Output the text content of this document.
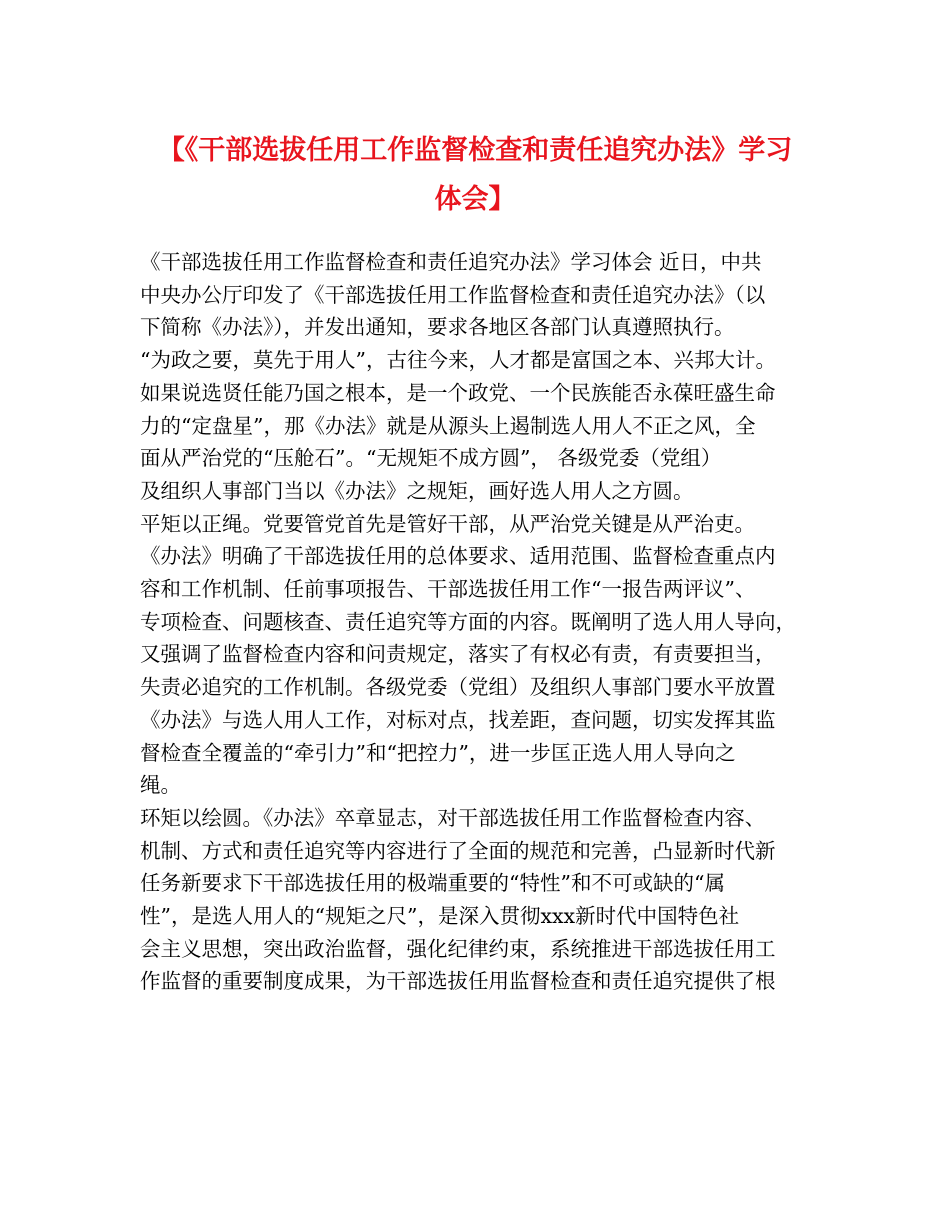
【《干部选拔任用工作监督检查和责任追究办法》学习
体会】
《干部选拔任用工作监督检查和责任追究办法》学习体会 近日，中共
中央办公厅印发了《干部选拔任用工作监督检查和责任追究办法》（以
下简称《办法》），并发出通知，要求各地区各部门认真遵照执行。
“为政之要，莫先于用人”，古往今来，人才都是富国之本、兴邦大计。
如果说选贤任能乃国之根本，是一个政党、一个民族能否永葆旺盛生命
力的“定盘星”，那《办法》就是从源头上遏制选人用人不正之风，全
面从严治党的“压舱石”。“无规矩不成方圆”， 各级党委（党组）
及组织人事部门当以《办法》之规矩，画好选人用人之方圆。
平矩以正绳。党要管党首先是管好干部，从严治党关键是从严治吏。
《办法》明确了干部选拔任用的总体要求、适用范围、监督检查重点内
容和工作机制、任前事项报告、干部选拔任用工作“一报告两评议”、
专项检查、问题核查、责任追究等方面的内容。既阐明了选人用人导向，
又强调了监督检查内容和问责规定，落实了有权必有责，有责要担当，
失责必追究的工作机制。各级党委（党组）及组织人事部门要水平放置
《办法》与选人用人工作，对标对点，找差距，查问题，切实发挥其监
督检查全覆盖的“牵引力”和“把控力”，进一步匡正选人用人导向之
绳。
环矩以绘圆。《办法》卒章显志，对干部选拔任用工作监督检查内容、
机制、方式和责任追究等内容进行了全面的规范和完善，凸显新时代新
任务新要求下干部选拔任用的极端重要的“特性”和不可或缺的“属
性”，是选人用人的“规矩之尺”，是深入贯彻xxx新时代中国特色社
会主义思想，突出政治监督，强化纪律约束，系统推进干部选拔任用工
作监督的重要制度成果，为干部选拔任用监督检查和责任追究提供了根
